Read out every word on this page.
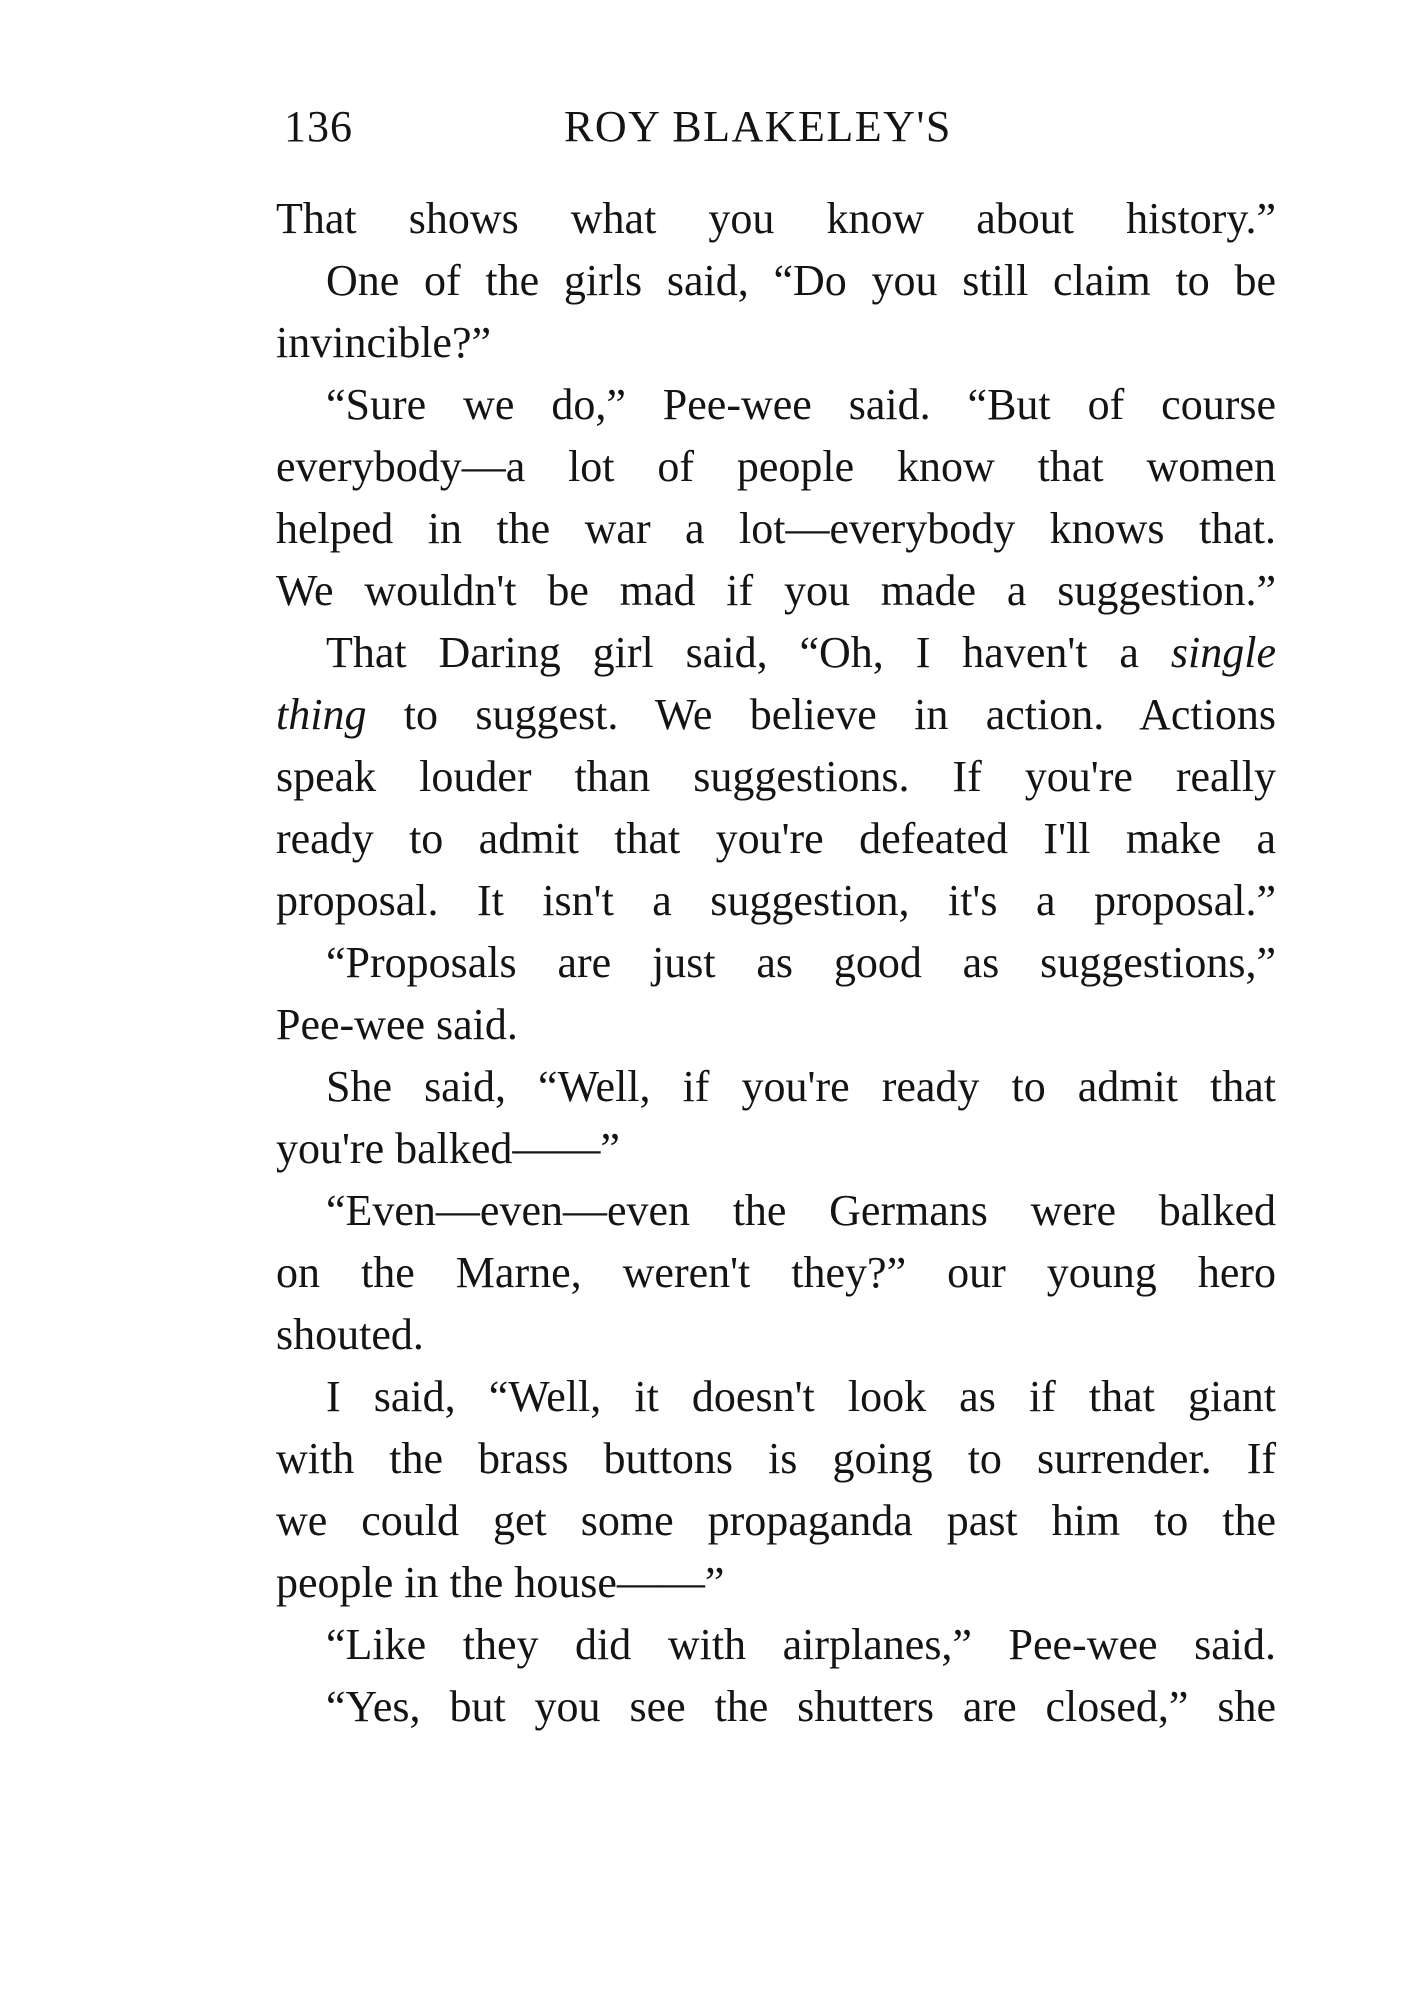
136	ROY BLAKELEY'S
That shows what you know about history.”
One of the girls said, “Do you still claim to be
invincible?”
“Sure we do,” Pee-wee said. “But of course
everybody—a lot of people know that women
helped in the war a lot—everybody knows that.
We wouldn't be mad if you made a suggestion.”
That Daring girl said, “Oh, I haven't a single
thing to suggest. We believe in action. Actions
speak louder than suggestions. If you're really
ready to admit that you're defeated I'll make a
proposal. It isn't a suggestion, it's a proposal.”
“Proposals are just as good as suggestions,”
Pee-wee said.
She said, “Well, if you're ready to admit that
you're balked——”
“Even—even—even the Germans were balked
on the Marne, weren't they?” our young hero
shouted.
I said, “Well, it doesn't look as if that giant
with the brass buttons is going to surrender. If
we could get some propaganda past him to the
people in the house——”
“Like they did with airplanes,” Pee-wee said.
“Yes, but you see the shutters are closed,” she
